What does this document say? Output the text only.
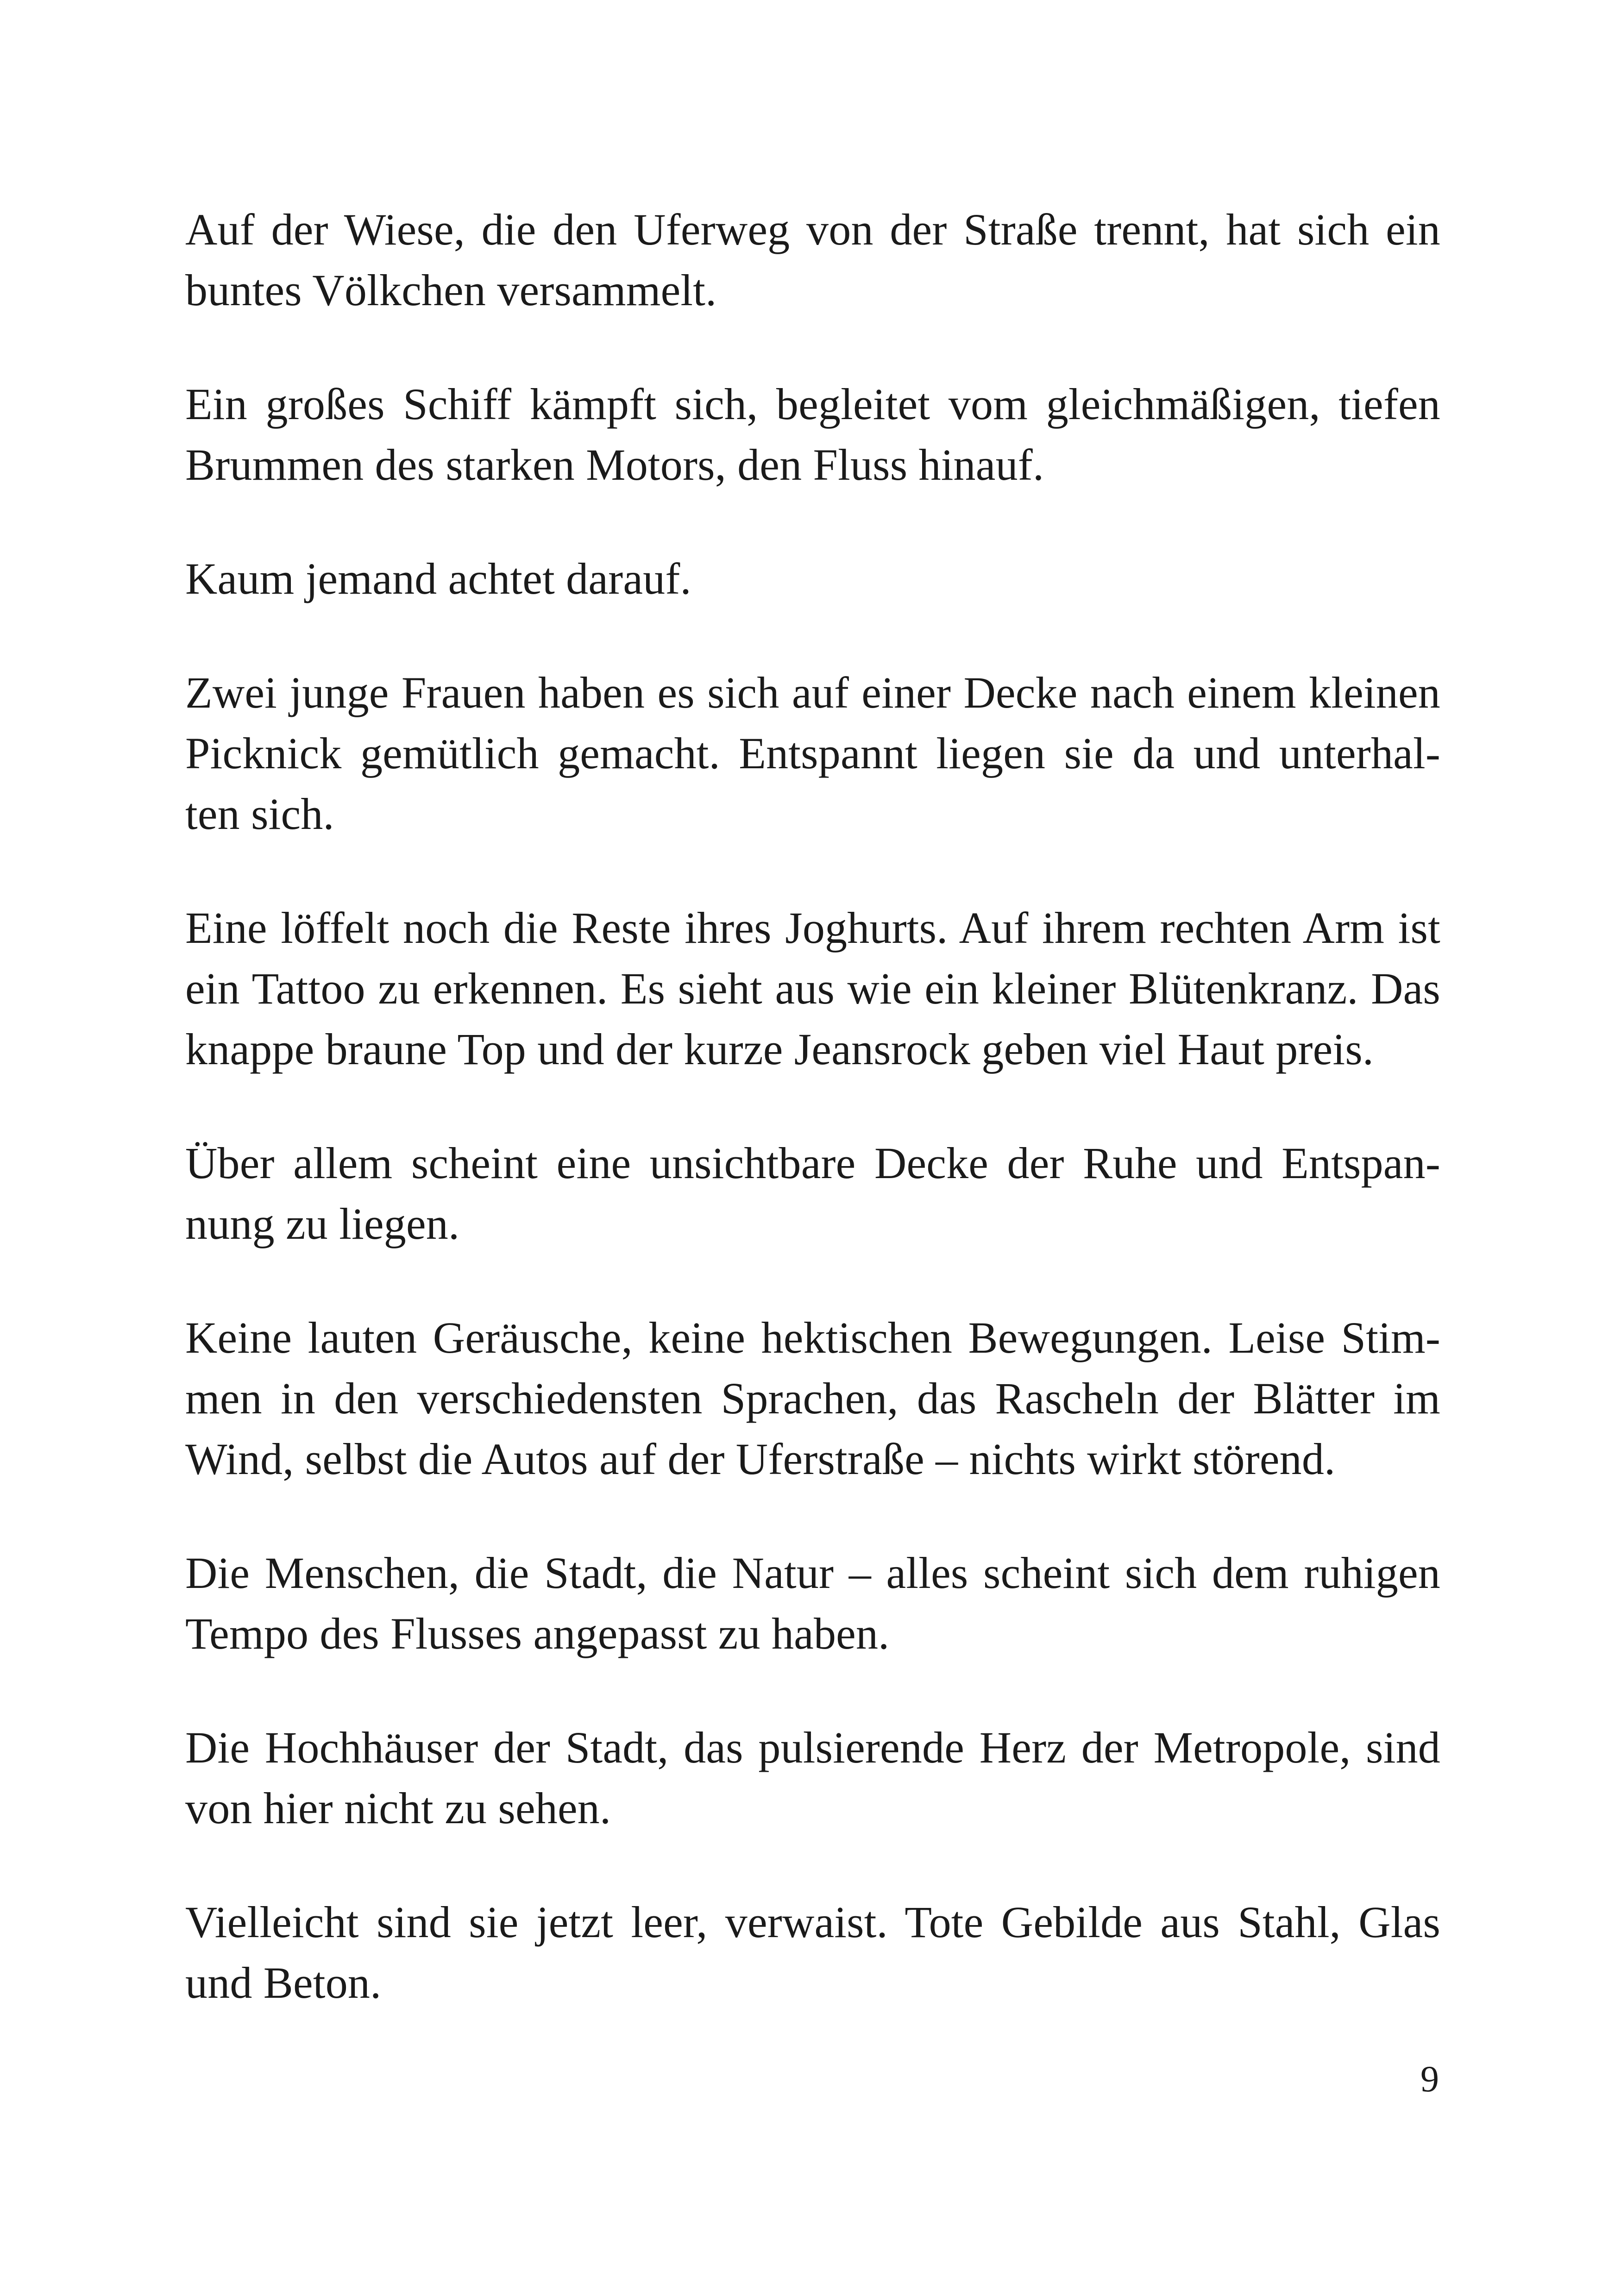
Auf der Wiese, die den Uferweg von der Straße trennt, hat sich ein
buntes Völkchen versammelt.

Ein großes Schiff kämpft sich, begleitet vom gleichmäßigen, tiefen
Brummen des starken Motors, den Fluss hinauf.

Kaum jemand achtet darauf.

Zwei junge Frauen haben es sich auf einer Decke nach einem kleinen
Picknick gemütlich gemacht. Entspannt liegen sie da und unterhal-
ten sich.

Eine löffelt noch die Reste ihres Joghurts. Auf ihrem rechten Arm ist
ein Tattoo zu erkennen. Es sieht aus wie ein kleiner Blütenkranz. Das
knappe braune Top und der kurze Jeansrock geben viel Haut preis.

Über allem scheint eine unsichtbare Decke der Ruhe und Entspan-
nung zu liegen.

Keine lauten Geräusche, keine hektischen Bewegungen. Leise Stim-
men in den verschiedensten Sprachen, das Rascheln der Blätter im
Wind, selbst die Autos auf der Uferstraße – nichts wirkt störend.

Die Menschen, die Stadt, die Natur – alles scheint sich dem ruhigen
Tempo des Flusses angepasst zu haben.

Die Hochhäuser der Stadt, das pulsierende Herz der Metropole, sind
von hier nicht zu sehen.

Vielleicht sind sie jetzt leer, verwaist. Tote Gebilde aus Stahl, Glas
und Beton.

9
